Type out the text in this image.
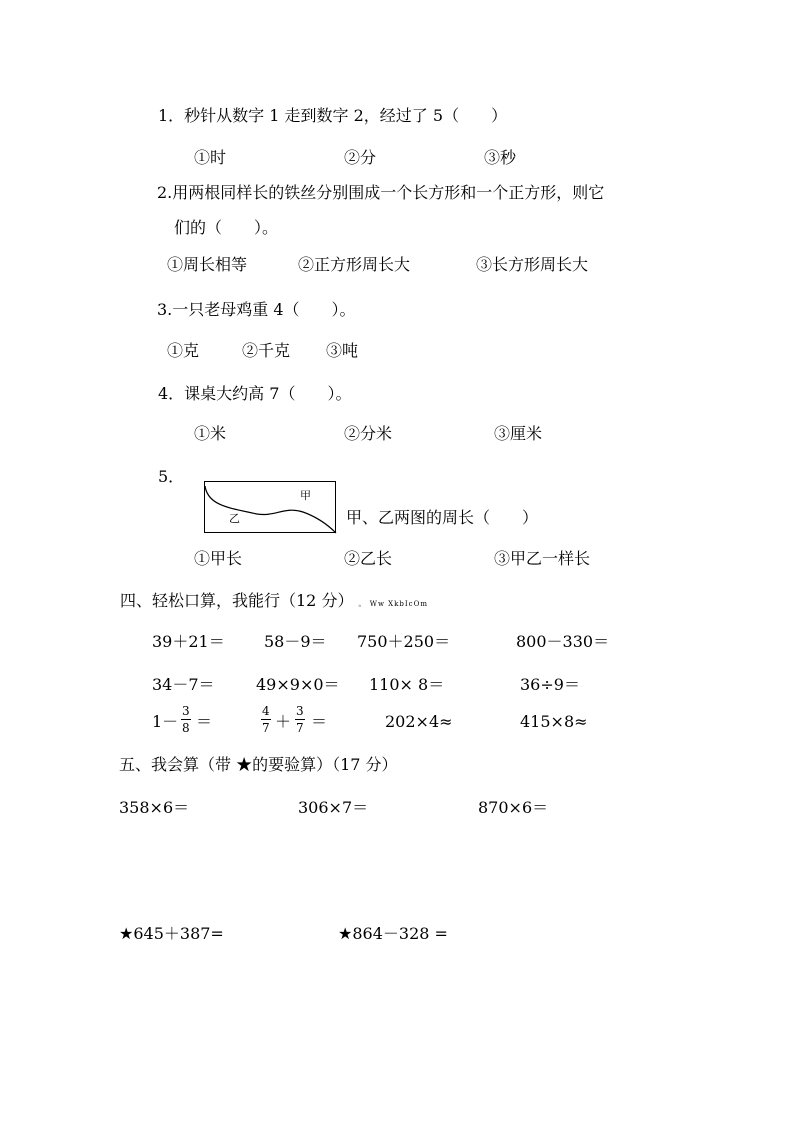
1．秒针从数字 1 走到数字 2，经过了 5（　　）
①时	②分	③秒
2.用两根同样长的铁丝分别围成一个长方形和一个正方形，则它
们的（　　）。
①周长相等	②正方形周长大	③长方形周长大
3.一只老母鸡重 4（　　）。
①克	②千克 ③吨
4．课桌大约高 7（　　）。
①米	②分米	③厘米
5．
甲
乙	甲、乙两图的周长（　　）
①甲长	②乙长	③甲乙一样长
四、轻松口算，我能行（12 分） 。 Ww XkbIcOm
39＋21＝ 58－9＝ 750＋250＝	800－330＝
34－7＝	49×9×0＝ 110× 8＝	36÷9＝
$1- \frac{3}{8}$ ＝	$\frac{4}{7} + \frac{3}{7}$ ＝	202×4≈	415×8≈
五、我会算（带 ★的要验算）（17 分）
358×6＝	306×7＝	870×6＝
★645＋387=	★864－328 =
